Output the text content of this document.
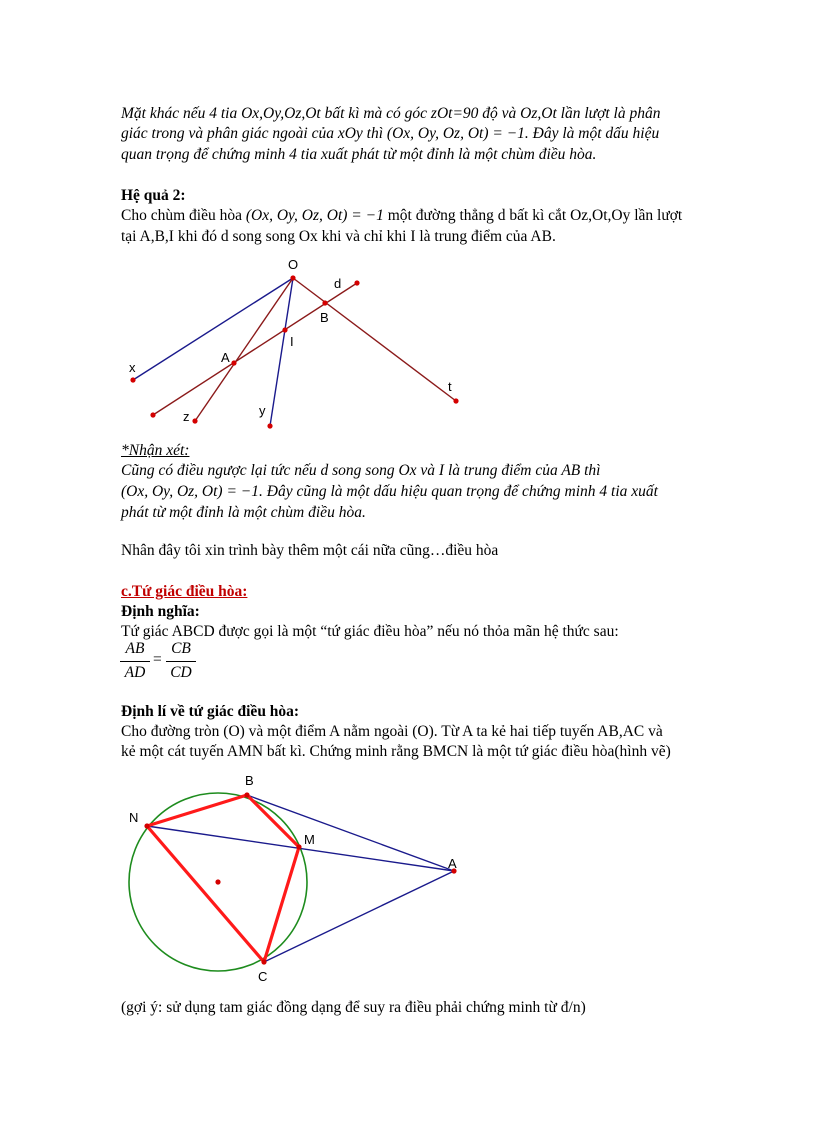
Mặt khác nếu 4 tia Ox,Oy,Oz,Ot bất kì mà có góc zOt=90 độ và Oz,Ot lần lượt là phân
giác trong và phân giác ngoài của xOy thì (Ox, Oy, Oz, Ot) = −1. Đây là một dấu hiệu
quan trọng để chứng minh 4 tia xuất phát từ một đỉnh là một chùm điều hòa.
Hệ quả 2:
Cho chùm điều hòa (Ox, Oy, Oz, Ot) = −1 một đường thẳng d bất kì cắt Oz,Ot,Oy lần lượt
tại A,B,I khi đó d song song Ox khi và chỉ khi I là trung điểm của AB.
O
d
B
I
A
x
t
z	y
*Nhận xét:
Cũng có điều ngược lại tức nếu d song song Ox và I là trung điểm của AB thì
(Ox, Oy, Oz, Ot) = −1. Đây cũng là một dấu hiệu quan trọng để chứng minh 4 tia xuất
phát từ một đỉnh là một chùm điều hòa.
Nhân đây tôi xin trình bày thêm một cái nữa cũng…điều hòa
c.Tứ giác điều hòa:
Định nghĩa:
Tứ giác ABCD được gọi là một “tứ giác điều hòa” nếu nó thỏa mãn hệ thức sau:
AB
AD
=
CB
CD
Định lí về tứ giác điều hòa:
Cho đường tròn (O) và một điểm A nằm ngoài (O). Từ A ta kẻ hai tiếp tuyến AB,AC và
kẻ một cát tuyến AMN bất kì. Chứng minh rằng BMCN là một tứ giác điều hòa(hình vẽ)
B
N
M
A
C
(gợi ý: sử dụng tam giác đồng dạng để suy ra điều phải chứng minh từ đ/n)
